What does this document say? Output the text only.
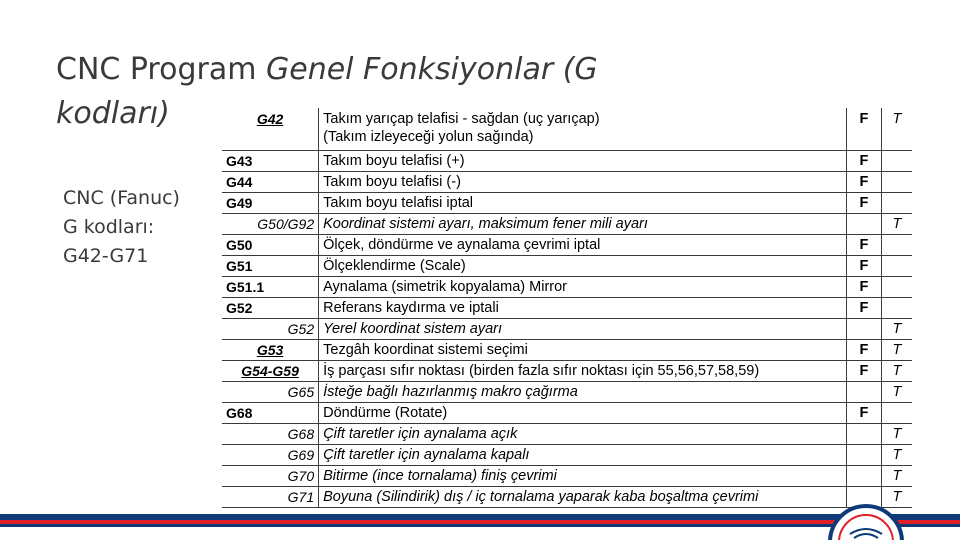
CNC Program Genel Fonksiyonlar (G
kodları)
CNC (Fanuc)
G kodları:
G42-G71
G42	Takım yarıçap telafisi - sağdan (uç yarıçap)
(Takım izleyeceği yolun sağında)	F	T
G43	Takım boyu telafisi (+)	F	
G44	Takım boyu telafisi (-)	F	
G49	Takım boyu telafisi iptal	F	
G50/G92	Koordinat sistemi ayarı, maksimum fener mili ayarı		T
G50	Ölçek, döndürme ve aynalama çevrimi iptal	F	
G51	Ölçeklendirme (Scale)	F	
G51.1	Aynalama (simetrik kopyalama) Mirror	F	
G52	Referans kaydırma ve iptali	F	
G52	Yerel koordinat sistem ayarı		T
G53	Tezgâh koordinat sistemi seçimi	F	T
G54-G59	İş parçası sıfır noktası (birden fazla sıfır noktası için 55,56,57,58,59)	F	T
G65	İsteğe bağlı hazırlanmış makro çağırma		T
G68	Döndürme (Rotate)	F	
G68	Çift taretler için aynalama açık		T
G69	Çift taretler için aynalama kapalı		T
G70	Bitirme (ince tornalama) finiş çevrimi		T
G71	Boyuna (Silindirik) dış / iç tornalama yaparak kaba boşaltma çevrimi		T
